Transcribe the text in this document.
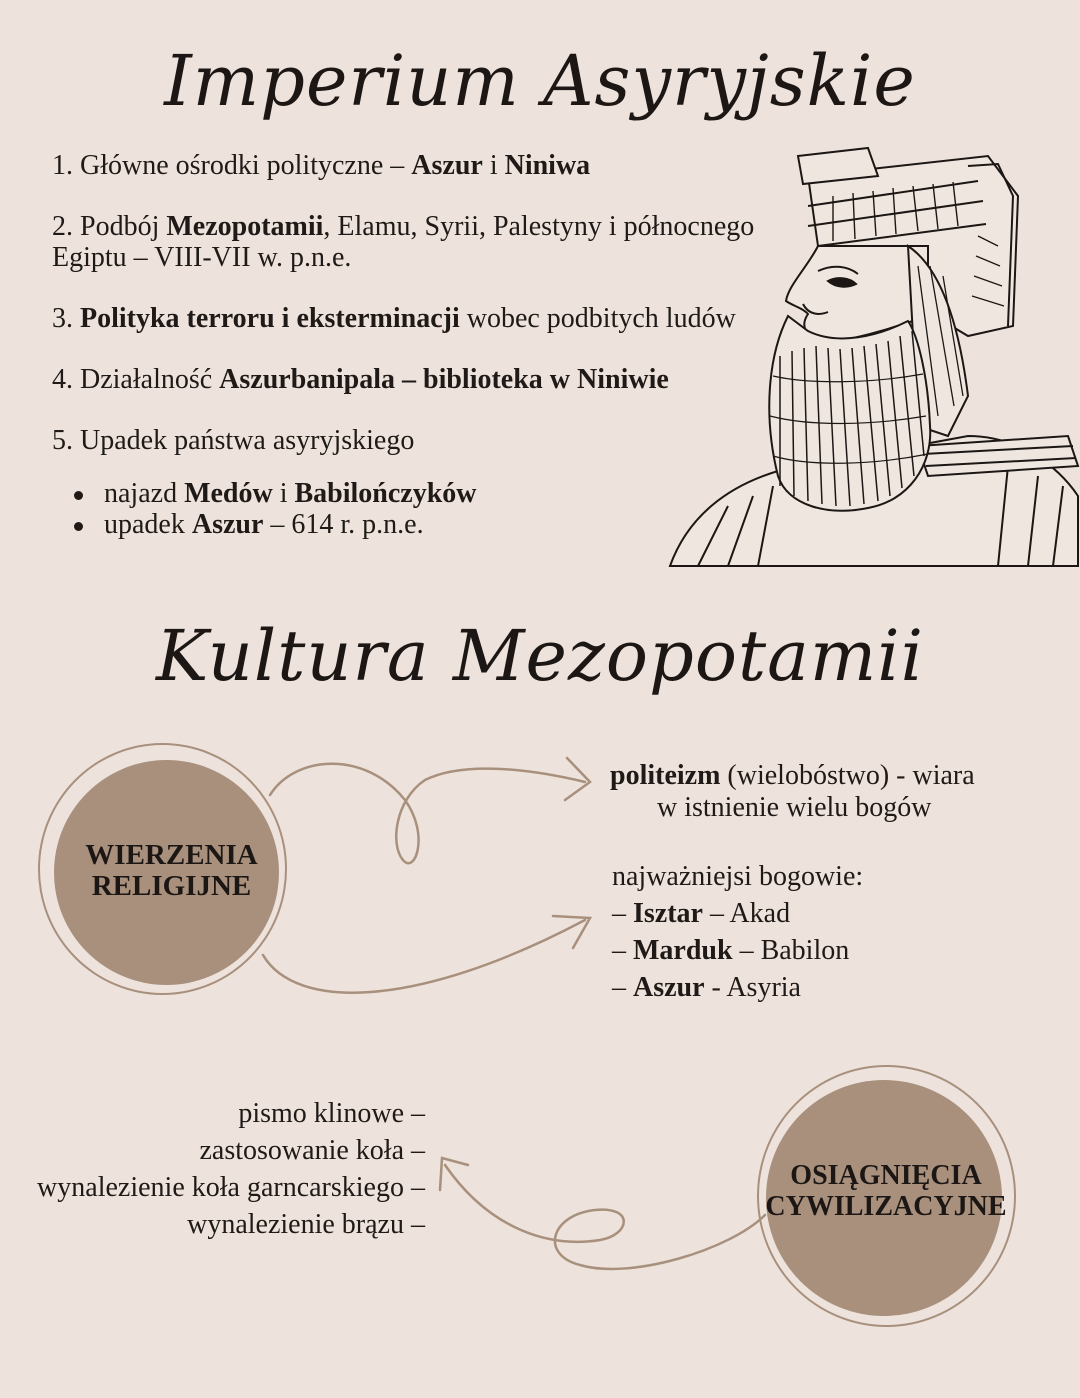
Imperium Asyryjskie
Kultura Mezopotamii
1. Główne ośrodki polityczne – Aszur i Niniwa
2. Podbój Mezopotamii, Elamu, Syrii, Palestyny i północnego
Egiptu – VIII-VII w. p.n.e.
3. Polityka terroru i eksterminacji wobec podbitych ludów
4. Działalność Aszurbanipala – biblioteka w Niniwie
5. Upadek państwa asyryjskiego
najazd Medów i Babilończyków
upadek Aszur – 614 r. p.n.e.
WIERZENIA
RELIGIJNE
politeizm (wielobóstwo) - wiara
w istnienie wielu bogów
najważniejsi bogowie:
– Isztar – Akad
– Marduk – Babilon
– Aszur - Asyria
pismo klinowe –
zastosowanie koła –
wynalezienie koła garncarskiego –
wynalezienie brązu –
OSIĄGNIĘCIA
CYWILIZACYJNE
